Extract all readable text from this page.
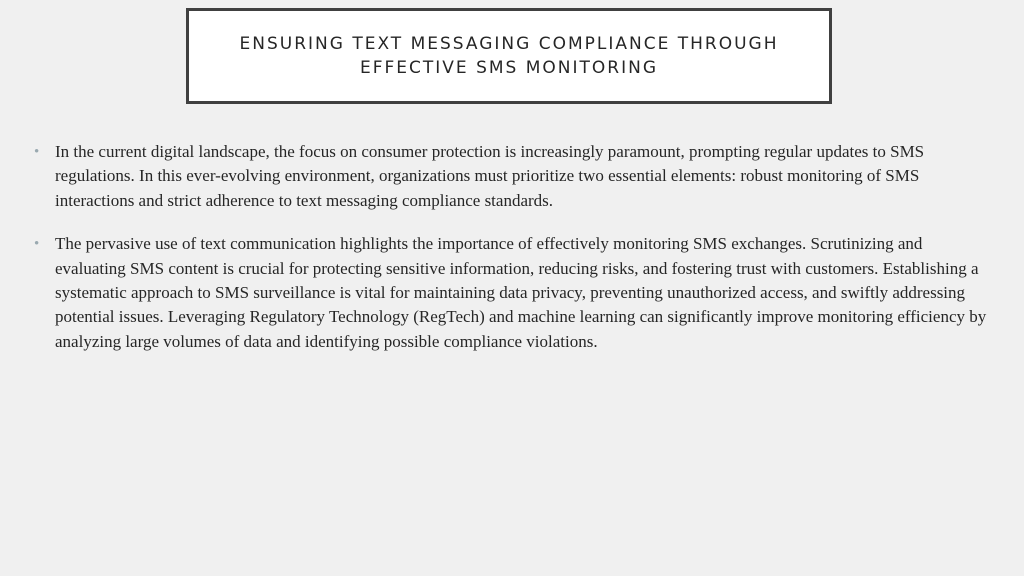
ENSURING TEXT MESSAGING COMPLIANCE THROUGH EFFECTIVE SMS MONITORING
• In the current digital landscape, the focus on consumer protection is increasingly paramount, prompting regular updates to SMS regulations. In this ever-evolving environment, organizations must prioritize two essential elements: robust monitoring of SMS interactions and strict adherence to text messaging compliance standards.
• The pervasive use of text communication highlights the importance of effectively monitoring SMS exchanges. Scrutinizing and evaluating SMS content is crucial for protecting sensitive information, reducing risks, and fostering trust with customers. Establishing a systematic approach to SMS surveillance is vital for maintaining data privacy, preventing unauthorized access, and swiftly addressing potential issues. Leveraging Regulatory Technology (RegTech) and machine learning can significantly improve monitoring efficiency by analyzing large volumes of data and identifying possible compliance violations.
